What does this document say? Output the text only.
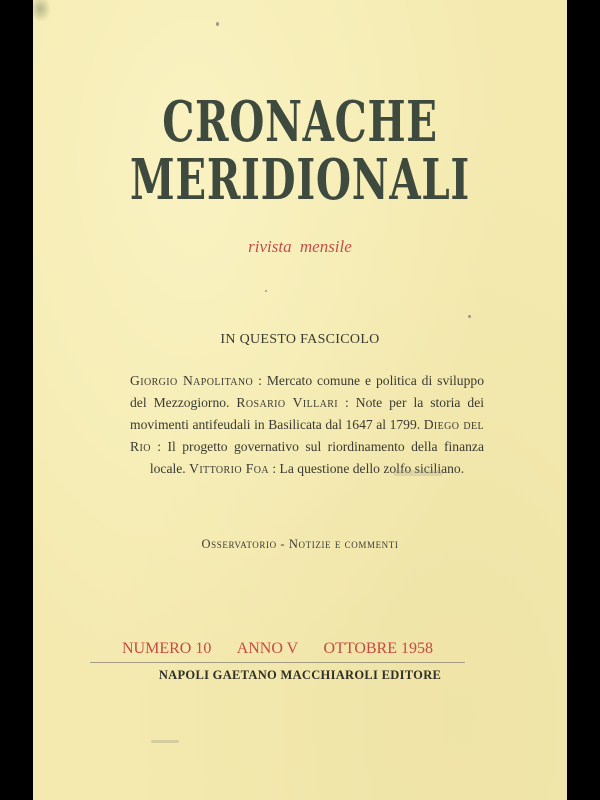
CRONACHE
MERIDIONALI
rivista mensile
IN QUESTO FASCICOLO
Giorgio Napolitano : Mercato comune e politica di sviluppo del Mezzogiorno. Rosario Villari : Note per la storia dei movimenti antifeudali in Basilicata dal 1647 al 1799. Diego del Rio : Il progetto governativo sul riordinamento della finanza locale. Vittorio Foa : La questione dello zolfo siciliano.
Osservatorio - Notizie e commenti
NUMERO 10 ANNO V OTTOBRE 1958
NAPOLI GAETANO MACCHIAROLI EDITORE
